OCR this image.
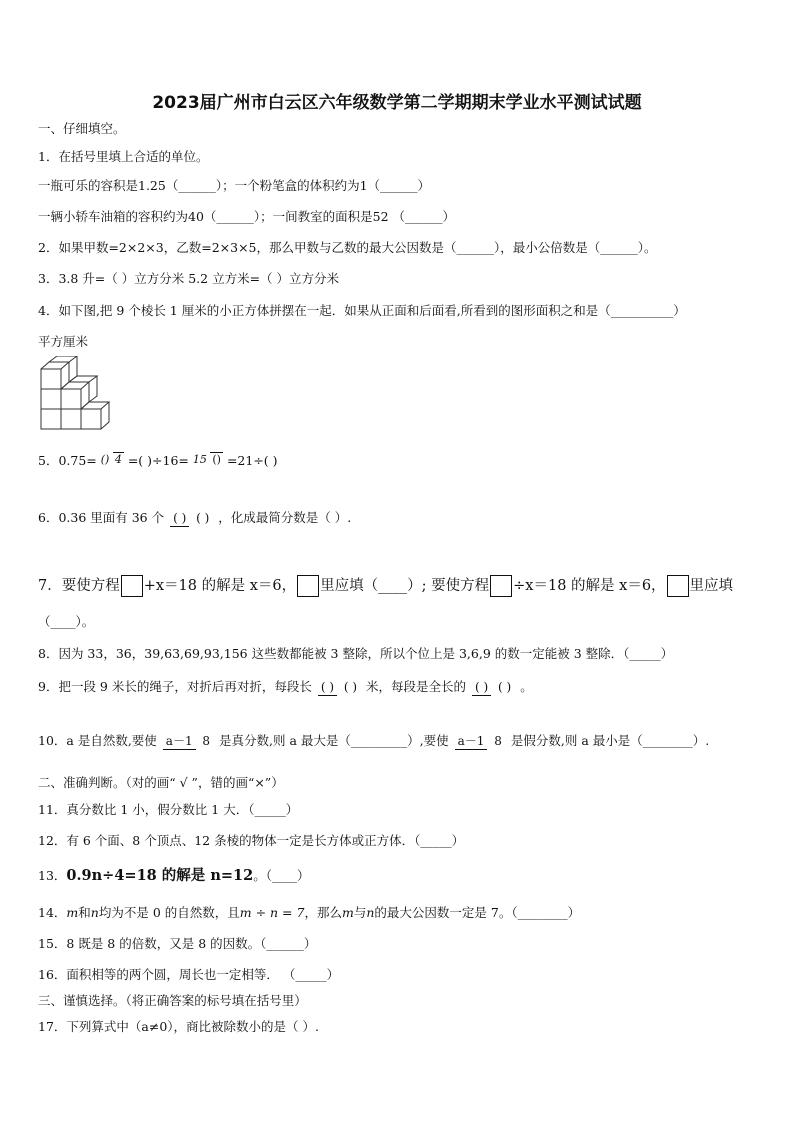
2023届广州市白云区六年级数学第二学期期末学业水平测试试题
一、仔细填空。
1．在括号里填上合适的单位。
一瓶可乐的容积是1.25（______）；一个粉笔盒的体积约为1（______）
一辆小轿车油箱的容积约为40（______）；一间教室的面积是52 （______）
2．如果甲数=2×2×3，乙数=2×3×5，那么甲数与乙数的最大公因数是（______），最小公倍数是（______）。
3．3.8 升=（ ）立方分米 5.2 立方米=（ ）立方分米
4．如下图,把 9 个棱长 1 厘米的小正方体拼摆在一起．如果从正面和后面看,所看到的图形面积之和是（__________）
平方厘米
5．0.75= () 4 =( )÷16= 15 () =21÷( )
6．0.36 里面有 36 个 ( ) ( ) ，化成最简分数是（ ）.
7．要使方程 +x＝18 的解是 x＝6， 里应填（____）; 要使方程 ÷x＝18 的解是 x＝6， 里应填
（____）。
8．因为 33，36，39,63,69,93,156 这些数都能被 3 整除，所以个位上是 3,6,9 的数一定能被 3 整除．（_____）
9．把一段 9 米长的绳子，对折后再对折，每段长 ( ) ( ) 米，每段是全长的 ( ) ( ) 。
10．a 是自然数,要使 a－1 8 是真分数,则 a 最大是（_________）,要使 a－1 8 是假分数,则 a 最小是（________）.
二、准确判断。（对的画“ √ ”，错的画“×”）
11．真分数比 1 小，假分数比 1 大．（_____）
12．有 6 个面、8 个顶点、12 条棱的物体一定是长方体或正方体．（_____）
13．0.9n÷4=18 的解是 n=12。（____）
14．m和n均为不是 0 的自然数，且m ÷ n = 7，那么m与n的最大公因数一定是 7。（________）
15．8 既是 8 的倍数，又是 8 的因数。（______）
16．面积相等的两个圆，周长也一定相等． （_____）
三、谨慎选择。（将正确答案的标号填在括号里）
17．下列算式中（a≠0），商比被除数小的是（ ）.
